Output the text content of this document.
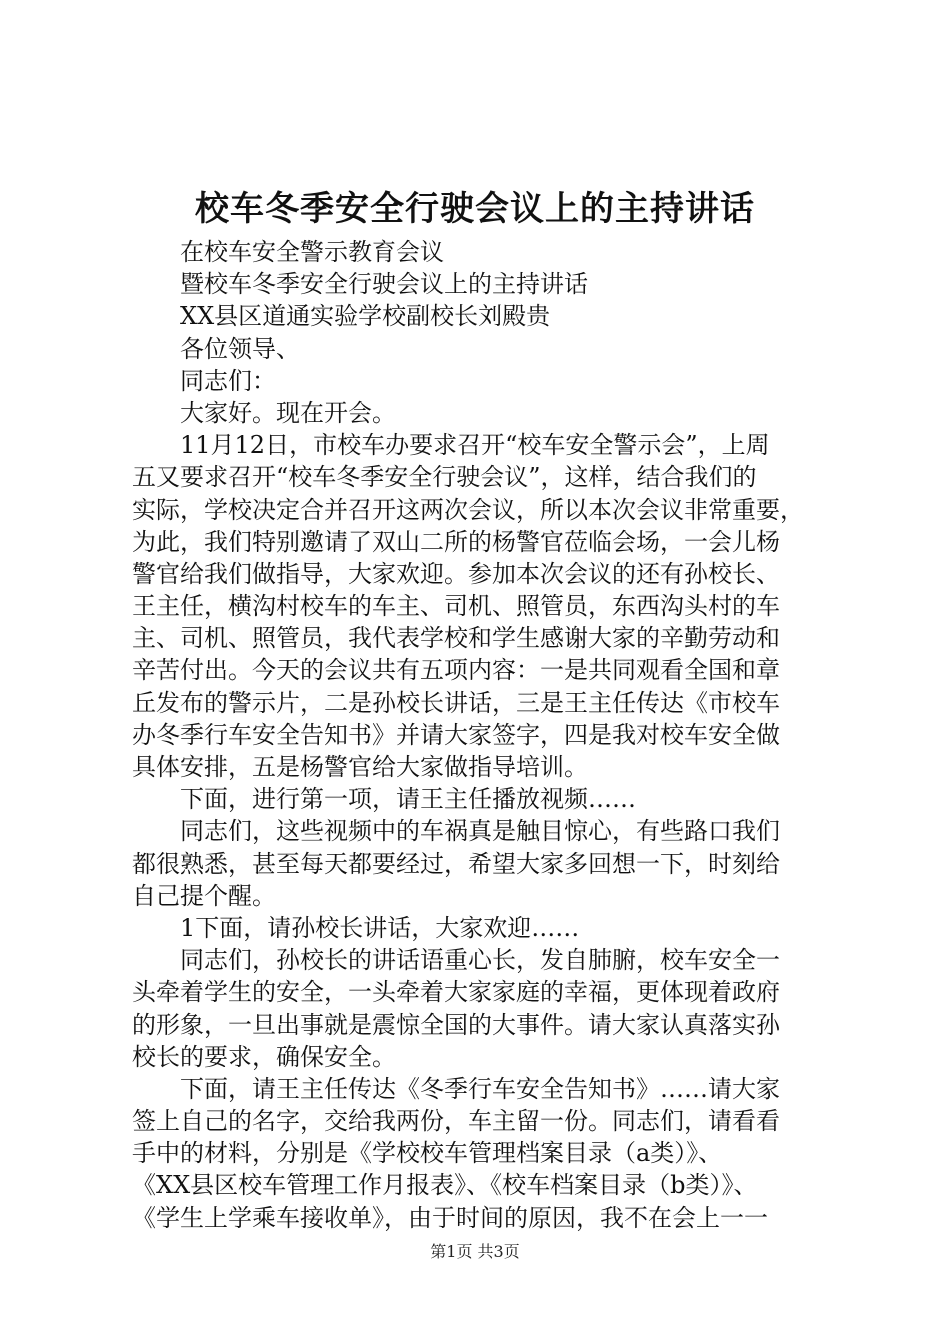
校车冬季安全行驶会议上的主持讲话
在校车安全警示教育会议
暨校车冬季安全行驶会议上的主持讲话
XX县区道通实验学校副校长刘殿贵
各位领导、
同志们：
大家好。现在开会。
11月12日，市校车办要求召开“校车安全警示会”，上周
五又要求召开“校车冬季安全行驶会议”，这样，结合我们的
实际，学校决定合并召开这两次会议，所以本次会议非常重要，
为此，我们特别邀请了双山二所的杨警官莅临会场，一会儿杨
警官给我们做指导，大家欢迎。参加本次会议的还有孙校长、
王主任，横沟村校车的车主、司机、照管员，东西沟头村的车
主、司机、照管员，我代表学校和学生感谢大家的辛勤劳动和
辛苦付出。今天的会议共有五项内容：一是共同观看全国和章
丘发布的警示片，二是孙校长讲话，三是王主任传达《市校车
办冬季行车安全告知书》并请大家签字，四是我对校车安全做
具体安排，五是杨警官给大家做指导培训。
下面，进行第一项，请王主任播放视频……
同志们，这些视频中的车祸真是触目惊心，有些路口我们
都很熟悉，甚至每天都要经过，希望大家多回想一下，时刻给
自己提个醒。
1下面，请孙校长讲话，大家欢迎……
同志们，孙校长的讲话语重心长，发自肺腑，校车安全一
头牵着学生的安全，一头牵着大家家庭的幸福，更体现着政府
的形象，一旦出事就是震惊全国的大事件。请大家认真落实孙
校长的要求，确保安全。
下面，请王主任传达《冬季行车安全告知书》……请大家
签上自己的名字，交给我两份，车主留一份。同志们，请看看
手中的材料，分别是《学校校车管理档案目录（a类）》、
《XX县区校车管理工作月报表》、《校车档案目录（b类）》、
《学生上学乘车接收单》，由于时间的原因，我不在会上一一
第1页 共3页
